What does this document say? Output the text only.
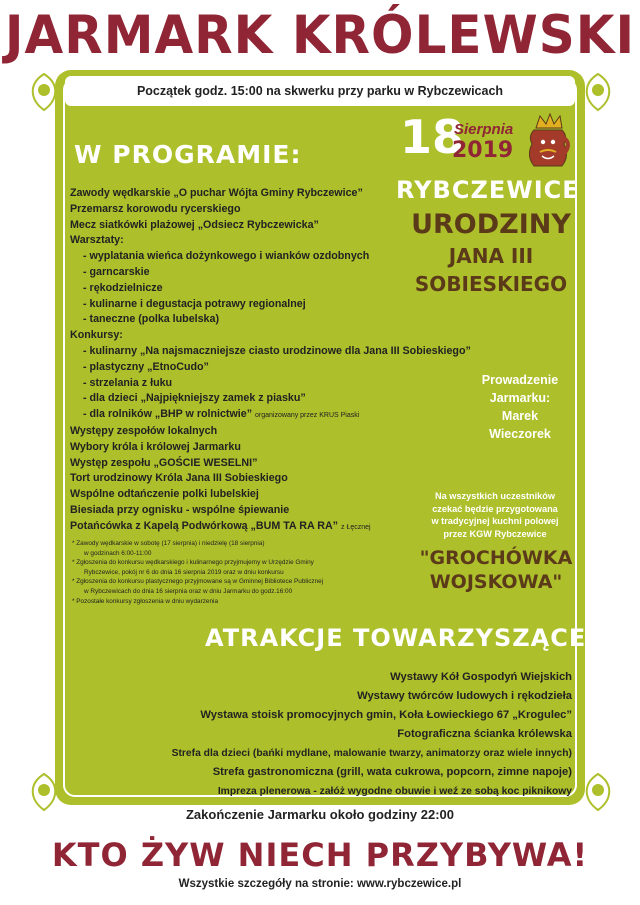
JARMARK KRÓLEWSKI
Początek godz. 15:00 na skwerku przy parku w Rybczewicach
W PROGRAMIE:
Zawody wędkarskie „O puchar Wójta Gminy Rybczewice”
Przemarsz korowodu rycerskiego
Mecz siatkówki plażowej „Odsiecz Rybczewicka”
Warsztaty:
- wyplatania wieńca dożynkowego i wianków ozdobnych
- garncarskie
- rękodzielnicze
- kulinarne i degustacja potrawy regionalnej
- taneczne (polka lubelska)
Konkursy:
- kulinarny „Na najsmaczniejsze ciasto urodzinowe dla Jana III Sobieskiego”
- plastyczny „EtnoCudo”
- strzelania z łuku
- dla dzieci „Najpiękniejszy zamek z piasku”
- dla rolników „BHP w rolnictwie” organizowany przez KRUS Piaski
Występy zespołów lokalnych
Wybory króla i królowej Jarmarku
Występ zespołu „GOŚCIE WESELNI”
Tort urodzinowy Króla Jana III Sobieskiego
Wspólne odtańczenie polki lubelskiej
Biesiada przy ognisku - wspólne śpiewanie
Potańcówka z Kapelą Podwórkową „BUM TA RA RA” z Łęcznej
* Zawody wędkarskie w sobotę (17 sierpnia) i niedzielę (18 sierpnia)
w godzinach 6:00-11:00
* Zgłoszenia do konkursu wędkarskiego i kulinarnego przyjmujemy w Urzędzie Gminy
Rybczewice, pokój nr 6 do dnia 16 sierpnia 2019 oraz w dniu konkursu
* Zgłoszenia do konkursu plastycznego przyjmowane są w Gminnej Bibliotece Publicznej
w Rybczewicach do dnia 16 sierpnia oraz w dniu Jarmarku do godz.16:00
* Pozostałe konkursy zgłoszenia w dniu wydarzenia
18
Sierpnia
2019
RYBCZEWICE
URODZINY
JANA III
SOBIESKIEGO
Prowadzenie
Jarmarku:
Marek
Wieczorek
Na wszystkich uczestników
czekać będzie przygotowana
w tradycyjnej kuchni polowej
przez KGW Rybczewice
"GROCHÓWKA
WOJSKOWA"
ATRAKCJE TOWARZYSZĄCE:
Wystawy Kół Gospodyń Wiejskich
Wystawy twórców ludowych i rękodzieła
Wystawa stoisk promocyjnych gmin, Koła Łowieckiego 67 „Krogulec”
Fotograficzna ścianka królewska
Strefa dla dzieci (bańki mydlane, malowanie twarzy, animatorzy oraz wiele innych)
Strefa gastronomiczna (grill, wata cukrowa, popcorn, zimne napoje)
Impreza plenerowa - załóż wygodne obuwie i weź ze sobą koc piknikowy
Zakończenie Jarmarku około godziny 22:00
KTO ŻYW NIECH PRZYBYWA!
Wszystkie szczegóły na stronie: www.rybczewice.pl
